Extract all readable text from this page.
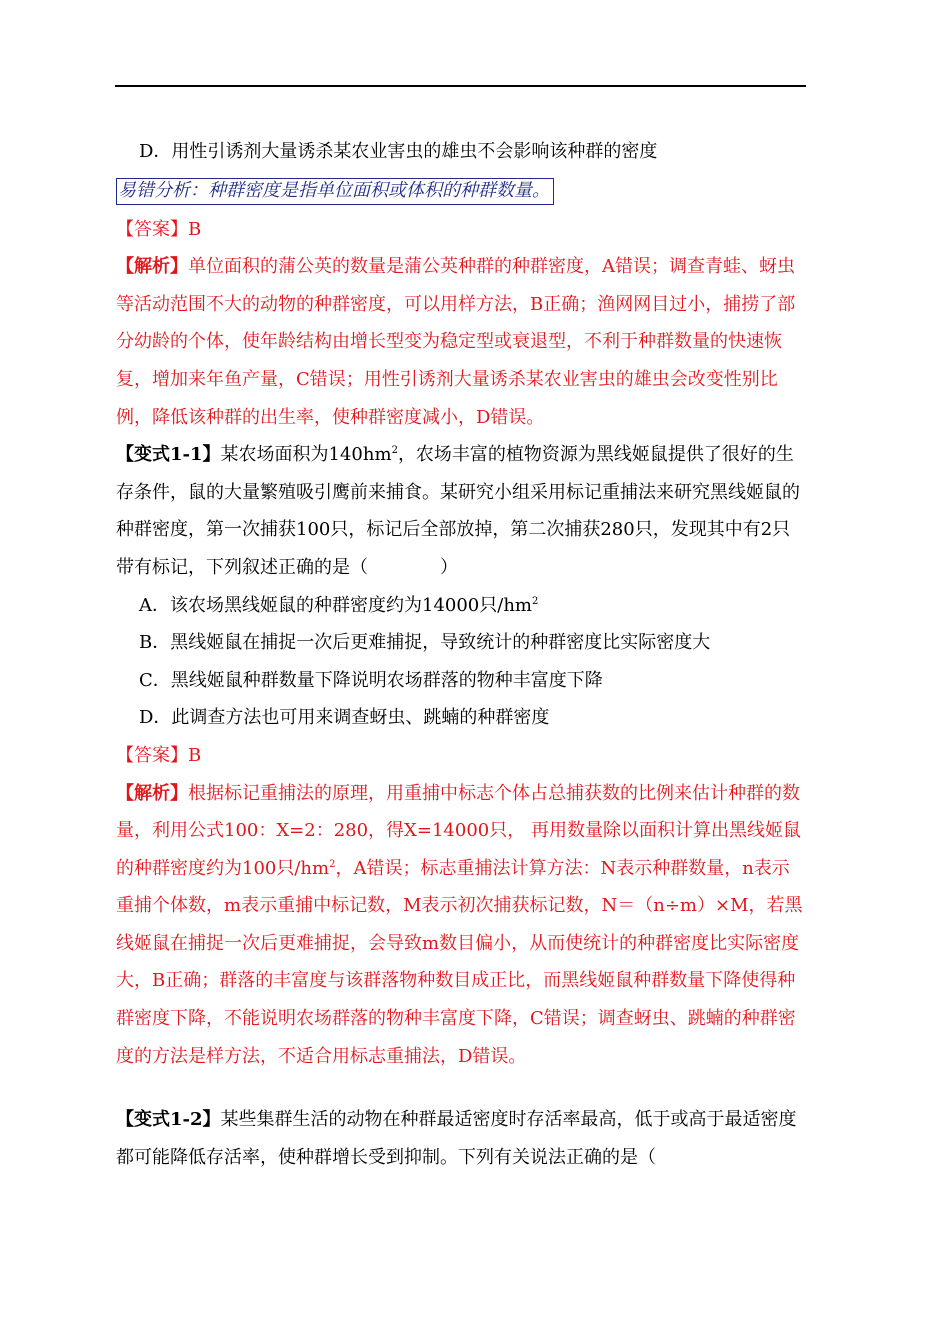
D．用性引诱剂大量诱杀某农业害虫的雄虫不会影响该种群的密度

易错分析：种群密度是指单位面积或体积的种群数量。

【答案】B

【解析】单位面积的蒲公英的数量是蒲公英种群的种群密度，A错误；调查青蛙、蚜虫等活动范围不大的动物的种群密度，可以用样方法，B正确；渔网网目过小，捕捞了部分幼龄的个体，使年龄结构由增长型变为稳定型或衰退型，不利于种群数量的快速恢复，增加来年鱼产量，C错误；用性引诱剂大量诱杀某农业害虫的雄虫会改变性别比例，降低该种群的出生率，使种群密度减小，D错误。

【变式1-1】某农场面积为$140hm^2$，农场丰富的植物资源为黑线姬鼠提供了很好的生存条件，鼠的大量繁殖吸引鹰前来捕食。某研究小组采用标记重捕法来研究黑线姬鼠的种群密度，第一次捕获100只，标记后全部放掉，第二次捕获280只，发现其中有2只带有标记，下列叙述正确的是（　　　　）

A．该农场黑线姬鼠的种群密度约为14000只$/hm^2$

B．黑线姬鼠在捕捉一次后更难捕捉，导致统计的种群密度比实际密度大

C．黑线姬鼠种群数量下降说明农场群落的物种丰富度下降

D．此调查方法也可用来调查蚜虫、跳蝻的种群密度

【答案】B

【解析】根据标记重捕法的原理，用重捕中标志个体占总捕获数的比例来估计种群的数量，利用公式100：X=2：280，得X=14000只， 再用数量除以面积计算出黑线姬鼠的种群密度约为100只$/hm^2$，A错误；标志重捕法计算方法：N表示种群数量，n表示重捕个体数，m表示重捕中标记数，M表示初次捕获标记数，N＝（n÷m）×M，若黑线姬鼠在捕捉一次后更难捕捉，会导致m数目偏小，从而使统计的种群密度比实际密度大，B正确；群落的丰富度与该群落物种数目成正比，而黑线姬鼠种群数量下降使得种群密度下降，不能说明农场群落的物种丰富度下降，C错误；调查蚜虫、跳蝻的种群密度的方法是样方法，不适合用标志重捕法，D错误。

【变式1-2】某些集群生活的动物在种群最适密度时存活率最高，低于或高于最适密度都可能降低存活率，使种群增长受到抑制。下列有关说法正确的是（
